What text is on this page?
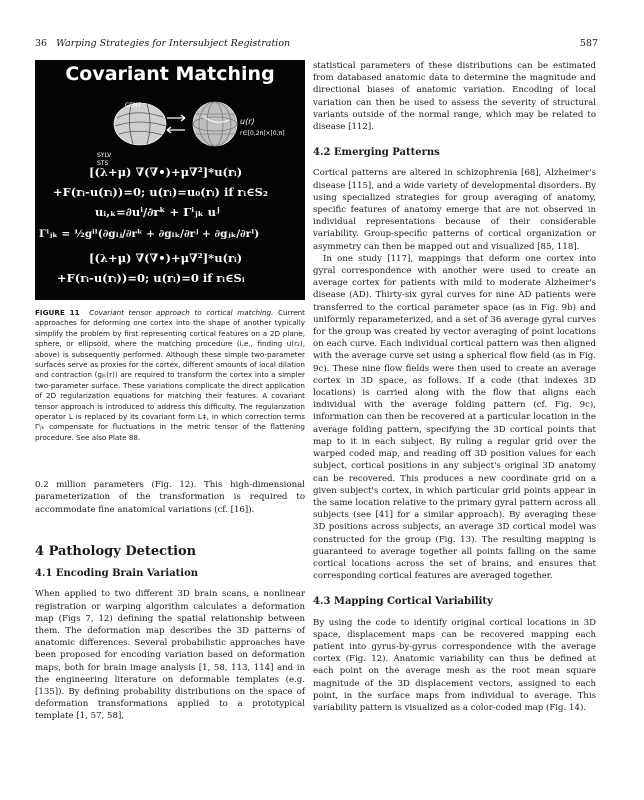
36 Warping Strategies for Intersubject Registration	587
Covariant Matching
CENT
SYLV
STS
u(r)
r∈[0,2π]×[0,π]
[(λ+μ) ∇(∇•)+μ∇²]*u(rᵢ)
+F(rᵢ-u(rᵢ))=0; u(rᵢ)=u₀(rᵢ) if rᵢ∈S₂
uᵢ,ₖ=∂uⁱ/∂rᵏ + Γⁱⱼₖ uʲ
Γⁱⱼₖ = ½gⁱˡ(∂gₗⱼ/∂rᵏ + ∂gₗₖ/∂rʲ + ∂gⱼₖ/∂rˡ)
[(λ+μ) ∇(∇•)+μ∇²]*u(rᵢ)
+F(rᵢ-u(rᵢ))=0; u(rᵢ)=0 if rᵢ∈Sᵢ
FIGURE 11 Covariant tensor approach to cortical matching. Current approaches for deforming one cortex into the shape of another typically simplify the problem by first representing cortical features on a 2D plane, sphere, or ellipsoid, where the matching procedure (i.e., finding u(r₂), above) is subsequently performed. Although these simple two-parameter surfaces serve as proxies for the cortex, different amounts of local dilation and contraction (gⱼₖ(r)) are required to transform the cortex into a simpler two-parameter surface. These variations complicate the direct application of 2D regularization equations for matching their features. A covariant tensor approach is introduced to address this difficulty. The regularization operator L is replaced by its covariant form L‡, in which correction terms Γⁱⱼₖ compensate for fluctuations in the metric tensor of the flattening procedure. See also Plate 88.

0.2 million parameters (Fig. 12). This high-dimensional parameterization of the transformation is required to accommodate fine anatomical variations (cf. [16]).

4 Pathology Detection
4.1 Encoding Brain Variation

When applied to two different 3D brain scans, a nonlinear registration or warping algorithm calculates a deformation map (Figs 7, 12) defining the spatial relationship between them. The deformation map describes the 3D patterns of anatomic differences. Several probabilistic approaches have been proposed for encoding variation based on deformation maps, both for brain image analysis [1, 58, 113, 114] and in the engineering literature on deformable templates (e.g. [135]). By defining probability distributions on the space of deformation transformations applied to a prototypical template [1, 57, 58],

statistical parameters of these distributions can be estimated from databased anatomic data to determine the magnitude and directional biases of anatomic variation. Encoding of local variation can then be used to assess the severity of structural variants outside of the normal range, which may be related to disease [112].

4.2 Emerging Patterns

Cortical patterns are altered in schizophrenia [68], Alzheimer's disease [115], and a wide variety of developmental disorders. By using specialized strategies for group averaging of anatomy, specific features of anatomy emerge that are not observed in individual representations because of their considerable variability. Group-specific patterns of cortical organization or asymmetry can then be mapped out and visualized [85, 118].

In one study [117], mappings that deform one cortex into gyral correspondence with another were used to create an average cortex for patients with mild to moderate Alzheimer's disease (AD). Thirty-six gyral curves for nine AD patients were transferred to the cortical parameter space (as in Fig. 9b) and uniformly reparameterized, and a set of 36 average gyral curves for the group was created by vector averaging of point locations on each curve. Each individual cortical pattern was then aligned with the average curve set using a spherical flow field (as in Fig. 9c). These nine flow fields were then used to create an average cortex in 3D space, as follows. If a code (that indexes 3D locations) is carried along with the flow that aligns each individual with the average folding pattern (cf. Fig. 9c), information can then be recovered at a particular location in the average folding pattern, specifying the 3D cortical points that map to it in each subject. By ruling a regular grid over the warped coded map, and reading off 3D position values for each subject, cortical positions in any subject's original 3D anatomy can be recovered. This produces a new coordinate grid on a given subject's cortex, in which particular grid points appear in the same location relative to the primary gyral pattern across all subjects (see [41] for a similar approach). By averaging these 3D positions across subjects, an average 3D cortical model was constructed for the group (Fig. 13). The resulting mapping is guaranteed to average together all points falling on the same cortical locations across the set of brains, and ensures that corresponding cortical features are averaged together.

4.3 Mapping Cortical Variability

By using the code to identify original cortical locations in 3D space, displacement maps can be recovered mapping each patient into gyrus-by-gyrus correspondence with the average cortex (Fig. 12). Anatomic variability can thus be defined at each point on the average mesh as the root mean square magnitude of the 3D displacement vectors, assigned to each point, in the surface maps from individual to average. This variability pattern is visualized as a color-coded map (Fig. 14).
